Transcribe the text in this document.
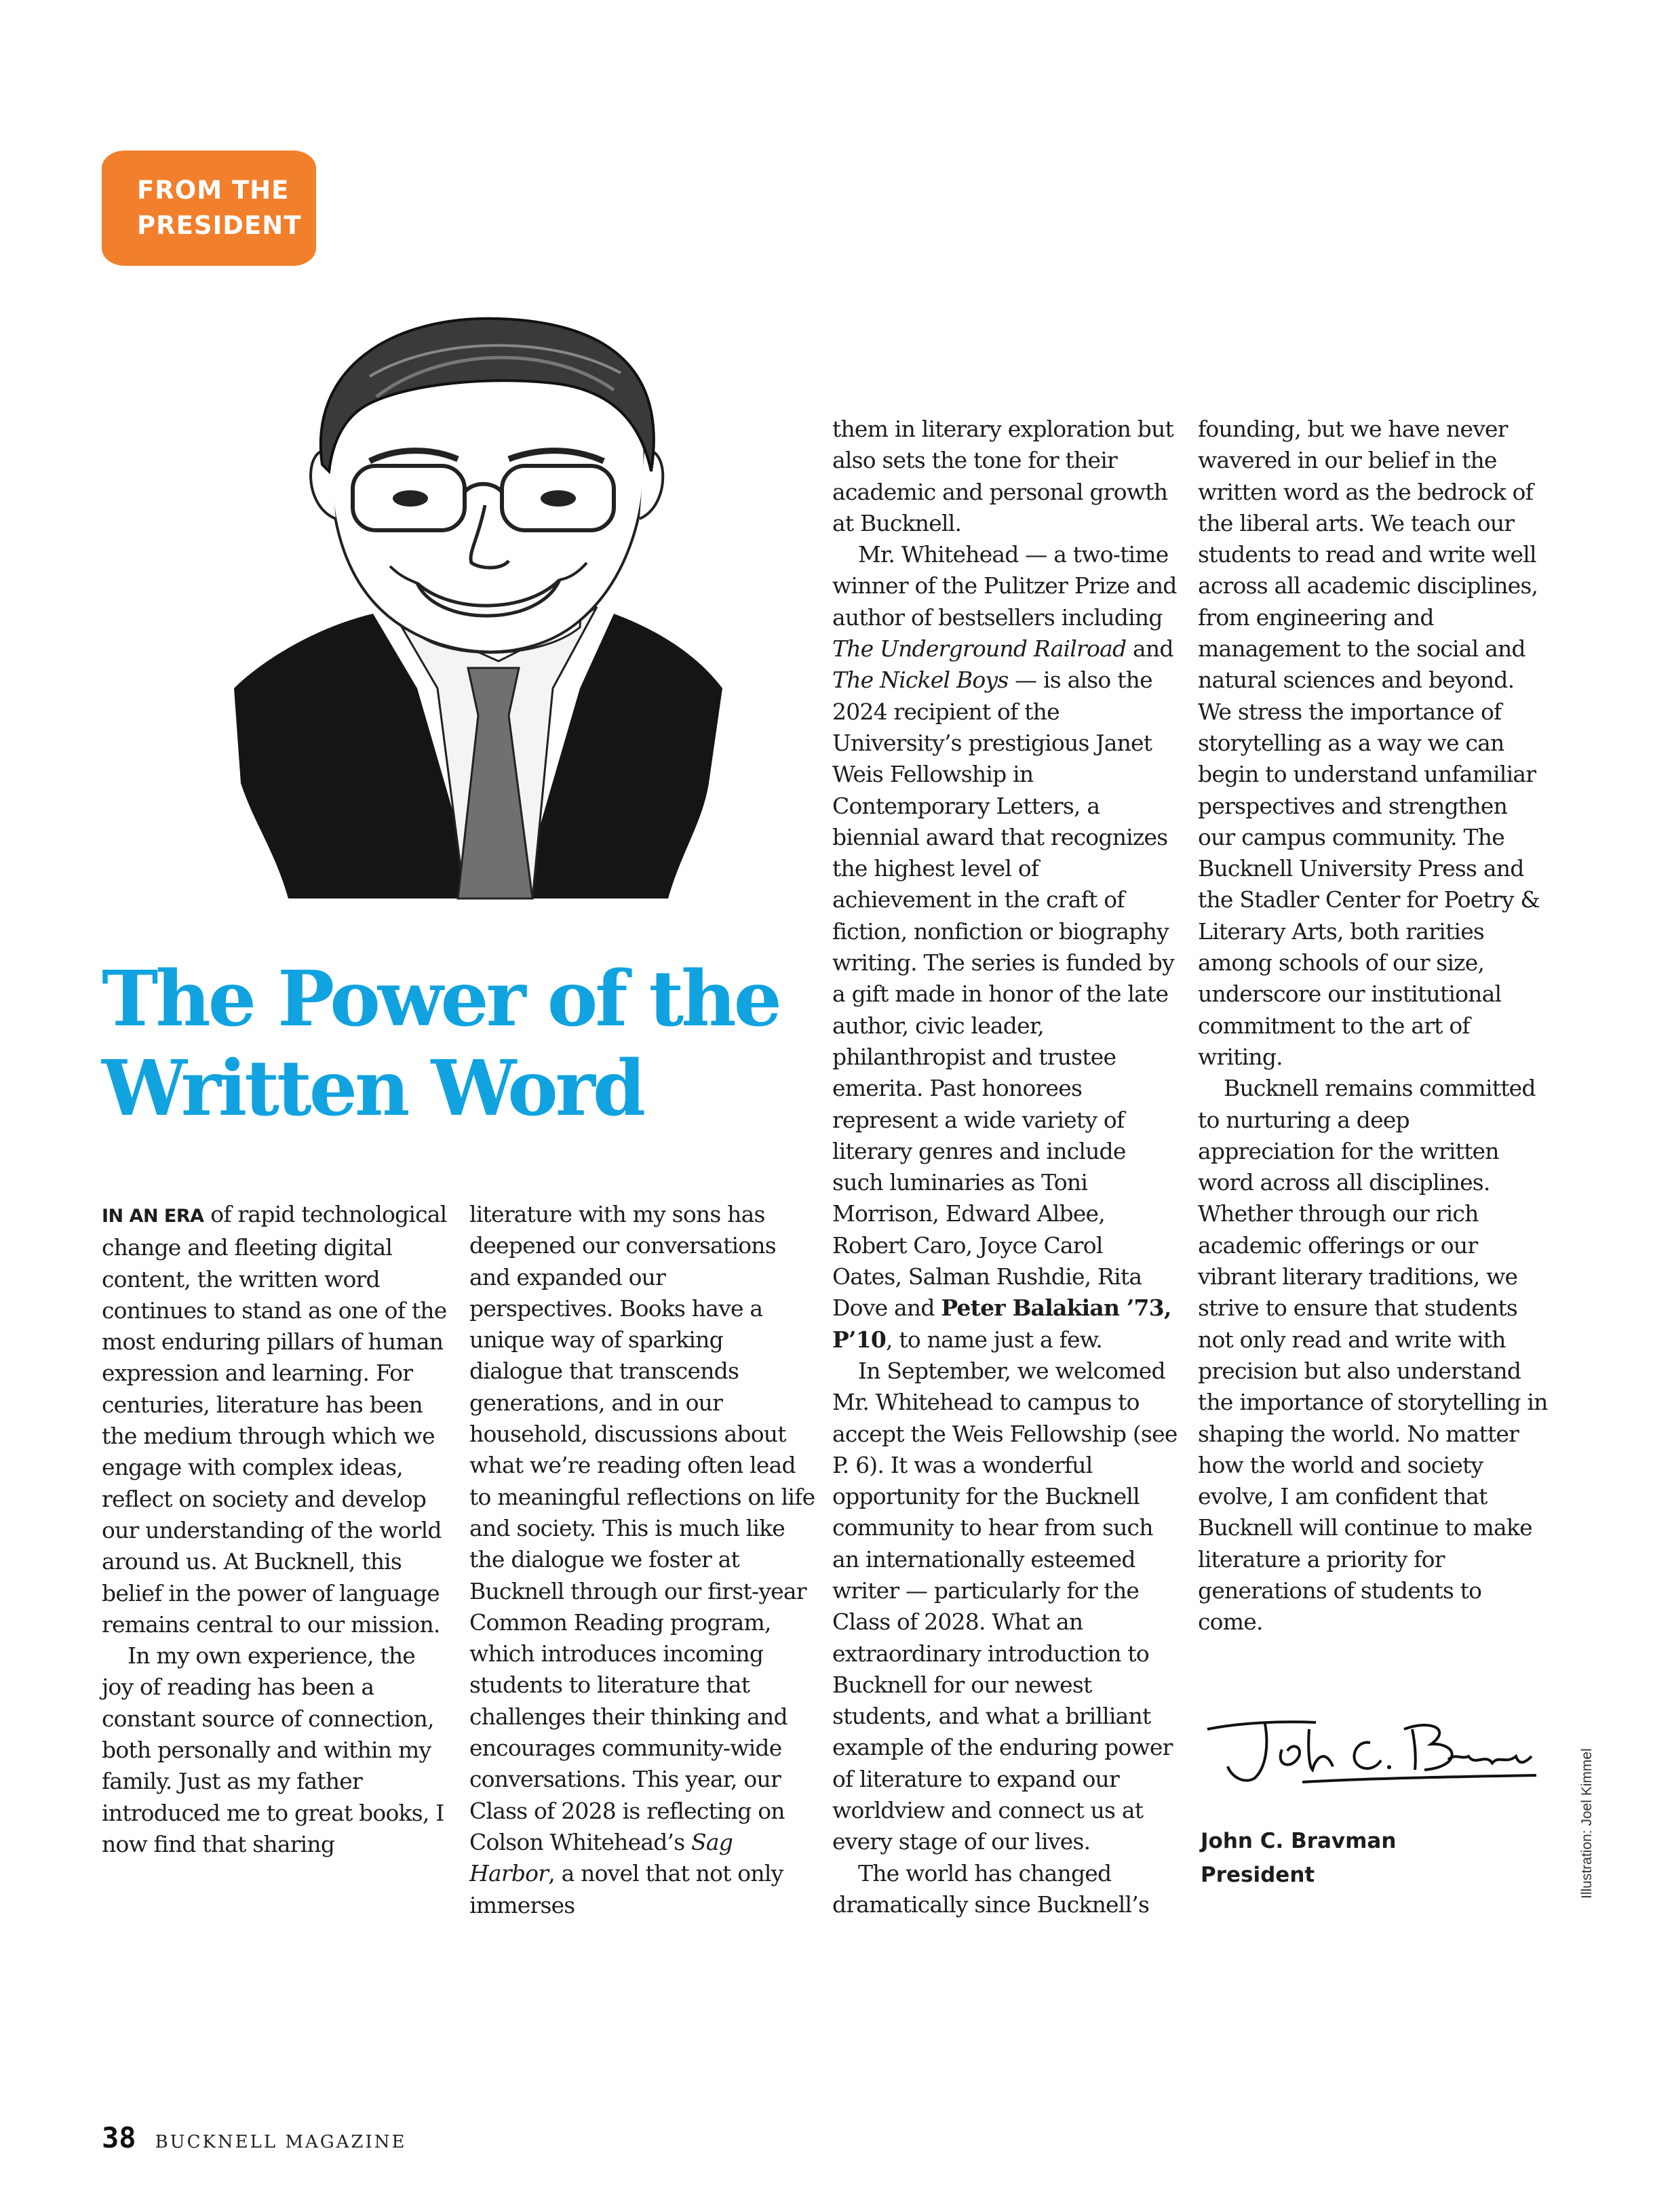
FROM THE
PRESIDENT
The Power of the
Written Word

IN AN ERA of rapid technological change and fleeting digital content, the written word continues to stand as one of the most enduring pillars of human expression and learning. For centuries, literature has been the medium through which we engage with complex ideas, reflect on society and develop our understanding of the world around us. At Bucknell, this belief in the power of language remains central to our mission.

In my own experience, the joy of reading has been a constant source of connection, both personally and within my family. Just as my father introduced me to great books, I now find that sharing

literature with my sons has deepened our conversations and expanded our perspectives. Books have a unique way of sparking dialogue that transcends generations, and in our household, discussions about what we’re reading often lead to meaningful reflections on life and society. This is much like the dialogue we foster at Bucknell through our first-year Common Reading program, which introduces incoming students to literature that challenges their thinking and encourages community-wide conversations. This year, our Class of 2028 is reflecting on Colson Whitehead’s Sag Harbor, a novel that not only immerses

them in literary exploration but also sets the tone for their academic and personal growth at Bucknell.

Mr. Whitehead — a two-time winner of the Pulitzer Prize and author of bestsellers including The Underground Railroad and The Nickel Boys — is also the 2024 recipient of the University’s prestigious Janet Weis Fellowship in Contemporary Letters, a biennial award that recognizes the highest level of achievement in the craft of fiction, nonfiction or biography writing. The series is funded by a gift made in honor of the late author, civic leader, philanthropist and trustee emerita. Past honorees represent a wide variety of literary genres and include such luminaries as Toni Morrison, Edward Albee, Robert Caro, Joyce Carol Oates, Salman Rushdie, Rita Dove and Peter Balakian ’73, P’10, to name just a few.

In September, we welcomed Mr. Whitehead to campus to accept the Weis Fellowship (see P. 6). It was a wonderful opportunity for the Bucknell community to hear from such an internationally esteemed writer — particularly for the Class of 2028. What an extraordinary introduction to Bucknell for our newest students, and what a brilliant example of the enduring power of literature to expand our worldview and connect us at every stage of our lives.

The world has changed dramatically since Bucknell’s

founding, but we have never wavered in our belief in the written word as the bedrock of the liberal arts. We teach our students to read and write well across all academic disciplines, from engineering and management to the social and natural sciences and beyond. We stress the importance of storytelling as a way we can begin to understand unfamiliar perspectives and strengthen our campus community. The Bucknell University Press and the Stadler Center for Poetry & Literary Arts, both rarities among schools of our size, underscore our institutional commitment to the art of writing.

Bucknell remains committed to nurturing a deep appreciation for the written word across all disciplines. Whether through our rich academic offerings or our vibrant literary traditions, we strive to ensure that students not only read and write with precision but also understand the importance of storytelling in shaping the world. No matter how the world and society evolve, I am confident that Bucknell will continue to make literature a priority for generations of students to come.

John C. Bravman
President	Illustration: Joel Kimmel
38 BUCKNELL MAGAZINE
